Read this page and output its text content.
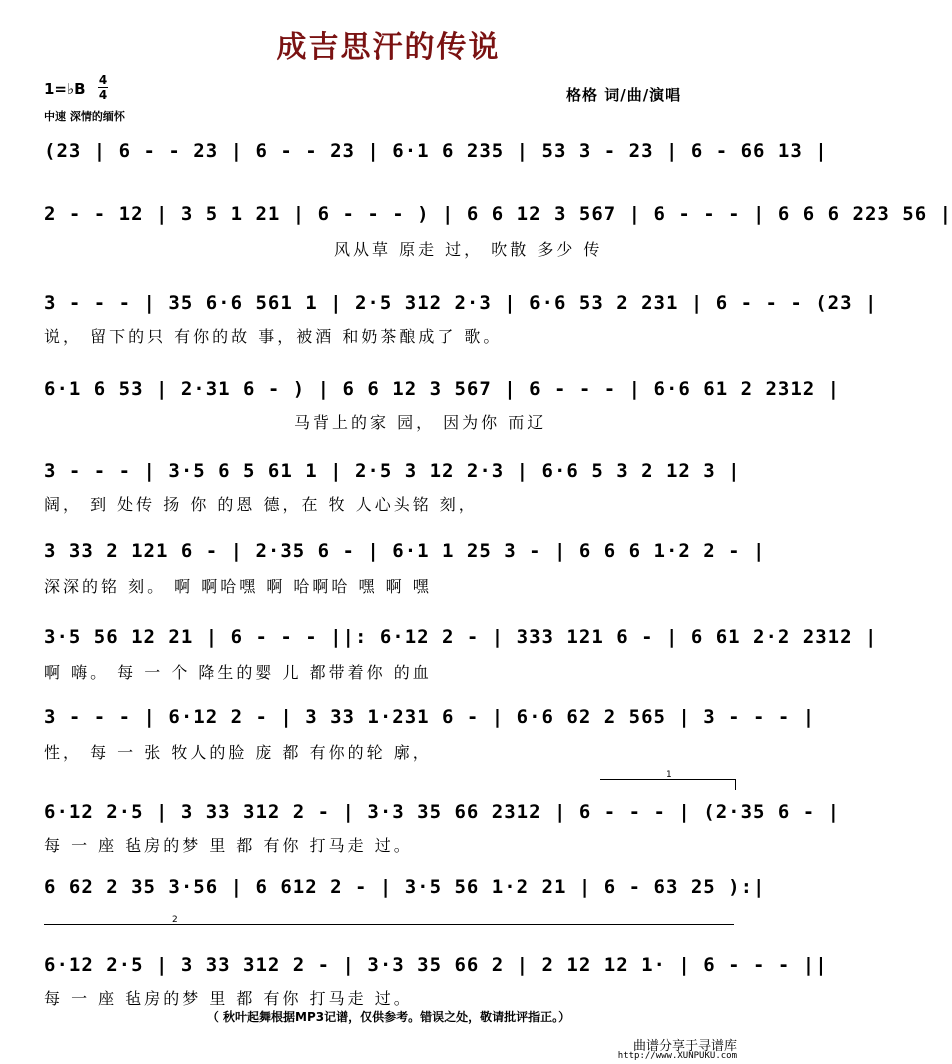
成吉思汗的传说
1=♭B 4
4
中速 深情的缅怀
格格 词/曲/演唱
(23 | 6 - - 23 | 6 - - 23 | 6·1 6 235 | 53 3 - 23 | 6 - 66 13 |
2 - - 12 | 3 5 1 21 | 6 - - - ) | 6 6 12 3 567 | 6 - - - | 6 6 6 223 56 |
风从草 原走 过， 吹散 多少 传
3 - - - | 35 6·6 561 1 | 2·5 312 2·3 | 6·6 53 2 231 | 6 - - - (23 |
说， 留下的只 有你的故 事，被酒 和奶茶酿成了 歌。
6·1 6 53 | 2·31 6 - ) | 6 6 12 3 567 | 6 - - - | 6·6 61 2 2312 |
马背上的家 园， 因为你 而辽
3 - - - | 3·5 6 5 61 1 | 2·5 3 12 2·3 | 6·6 5 3 2 12 3 |
阔， 到 处传 扬 你 的恩 德，在 牧 人心头铭 刻，
3 33 2 121 6 - | 2·35 6 - | 6·1 1 25 3 - | 6 6 6 1·2 2 - |
深深的铭 刻。 啊 啊哈嘿 啊 哈啊哈 嘿 啊 嘿
3·5 56 12 21 | 6 - - - ||: 6·12 2 - | 333 121 6 - | 6 61 2·2 2312 |
啊 嗨。 每 一 个 降生的婴 儿 都带着你 的血
3 - - - | 6·12 2 - | 3 33 1·231 6 - | 6·6 62 2 565 | 3 - - - |
性， 每 一 张 牧人的脸 庞 都 有你的轮 廓，
1
6·12 2·5 | 3 33 312 2 - | 3·3 35 66 2312 | 6 - - - | (2·35 6 - |
每 一 座 毡房的梦 里 都 有你 打马走 过。
6 62 2 35 3·56 | 6 612 2 - | 3·5 56 1·2 21 | 6 - 63 25 ):|
2
6·12 2·5 | 3 33 312 2 - | 3·3 35 66 2 | 2 12 12 1· | 6 - - - ||
每 一 座 毡房的梦 里 都 有你 打马走 过。
（ 秋叶起舞根据MP3记谱，仅供参考。错误之处，敬请批评指正。）
曲谱分享于寻谱库
http://www.XUNPUKU.com
